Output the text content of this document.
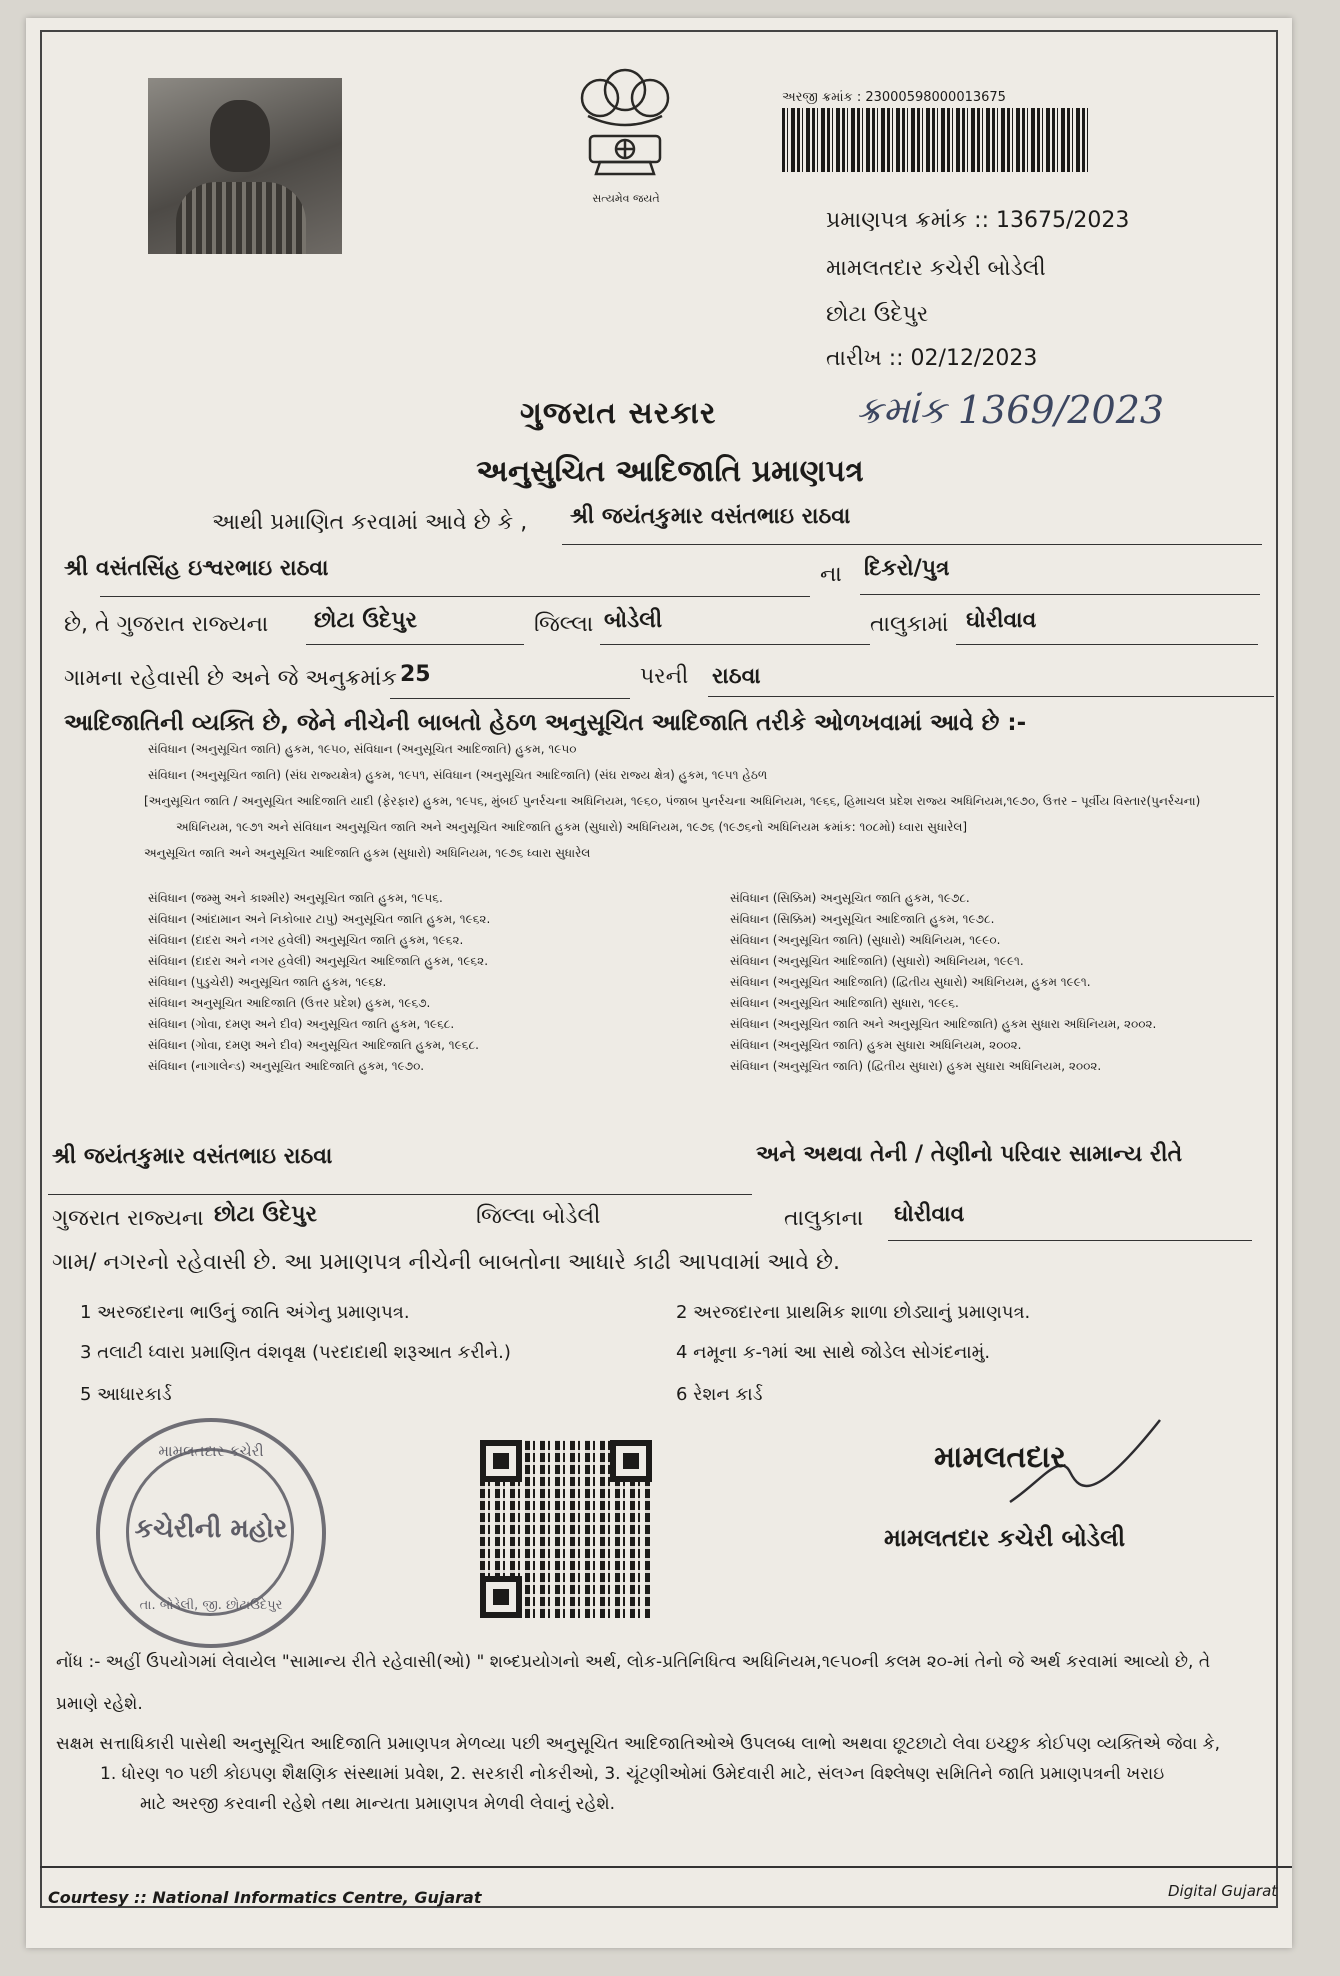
સત્યમેવ જયતે
અરજી ક્રમાંક : 23000598000013675
પ્રમાણપત્ર ક્રમાંક :: 13675/2023
મામલતદાર કચેરી બોડેલી
છોટા ઉદેપુર
તારીખ :: 02/12/2023
ગુજરાત સરકાર	ક્રમાંક 1369/2023
અનુસુચિત આદિજાતિ પ્રમાણપત્ર
આથી પ્રમાણિત કરવામાં આવે છે કે , શ્રી જયંતકુમાર વસંતભાઇ રાઠવા
શ્રી વસંતસિંહ ઇશ્વરભાઇ રાઠવા	ના દિકરો/પુત્ર
છે, તે ગુજરાત રાજ્યના છોટા ઉદેપુર	જિલ્લા બોડેલી	તાલુકામાં ઘોરીવાવ
ગામના રહેવાસી છે અને જે અનુક્રમાંક 25	પરની રાઠવા
આદિજાતિની વ્યક્તિ છે, જેને નીચેની બાબતો હેઠળ અનુસૂચિત આદિજાતિ તરીકે ઓળખવામાં આવે છે :-
સંવિધાન (અનુસૂચિત જાતિ) હુકમ, ૧૯૫૦, સંવિધાન (અનુસૂચિત આદિજાતિ) હુકમ, ૧૯૫૦
સંવિધાન (અનુસૂચિત જાતિ) (સંઘ રાજ્યક્ષેત્ર) હુકમ, ૧૯૫૧, સંવિધાન (અનુસૂચિત આદિજાતિ) (સંઘ રાજ્ય ક્ષેત્ર) હુકમ, ૧૯૫૧ હેઠળ
[અનુસૂચિત જાતિ / અનુસૂચિત આદિજાતિ યાદી (ફેરફાર) હુકમ, ૧૯૫૬, મુંબઈ પુનર્રચના અધિનિયમ, ૧૯૬૦, પંજાબ પુનર્રચના અધિનિયમ, ૧૯૬૬, હિમાચલ પ્રદેશ રાજ્ય અધિનિયમ,૧૯૭૦, ઉત્તર – પૂર્વીય વિસ્તાર(પુનર્રચના)
અધિનિયમ, ૧૯૭૧ અને સંવિધાન અનુસૂચિત જાતિ અને અનુસૂચિત આદિજાતિ હુકમ (સુધારો) અધિનિયમ, ૧૯૭૬ (૧૯૭૬નો અધિનિયમ ક્રમાંક: ૧૦૮મો) ધ્વારા સુધારેલ]
અનુસૂચિત જાતિ અને અનુસૂચિત આદિજાતિ હુકમ (સુધારો) અધિનિયમ, ૧૯૭૬ ધ્વારા સુધારેલ
સંવિધાન (જમ્મુ અને કાશ્મીર) અનુસૂચિત જાતિ હુકમ, ૧૯૫૬.
સંવિધાન (આંદામાન અને નિકોબાર ટાપુ) અનુસૂચિત જાતિ હુકમ, ૧૯૬૨.
સંવિધાન (દાદરા અને નગર હવેલી) અનુસૂચિત જાતિ હુકમ, ૧૯૬૨.
સંવિધાન (દાદરા અને નગર હવેલી) અનુસૂચિત આદિજાતિ હુકમ, ૧૯૬૨.
સંવિધાન (પુડુચેરી) અનુસૂચિત જાતિ હુકમ, ૧૯૬૪.
સંવિધાન અનુસૂચિત આદિજાતિ (ઉત્તર પ્રદેશ) હુકમ, ૧૯૬૭.
સંવિધાન (ગોવા, દમણ અને દીવ) અનુસૂચિત જાતિ હુકમ, ૧૯૬૮.
સંવિધાન (ગોવા, દમણ અને દીવ) અનુસૂચિત આદિજાતિ હુકમ, ૧૯૬૮.
સંવિધાન (નાગાલેન્ડ) અનુસૂચિત આદિજાતિ હુકમ, ૧૯૭૦.
સંવિધાન (સિક્કિમ) અનુસૂચિત જાતિ હુકમ, ૧૯૭૮.
સંવિધાન (સિક્કિમ) અનુસૂચિત આદિજાતિ હુકમ, ૧૯૭૮.
સંવિધાન (અનુસૂચિત જાતિ) (સુધારો) અધિનિયમ, ૧૯૯૦.
સંવિધાન (અનુસૂચિત આદિજાતિ) (સુધારો) અધિનિયમ, ૧૯૯૧.
સંવિધાન (અનુસૂચિત આદિજાતિ) (દ્વિતીય સુધારો) અધિનિયમ, હુકમ ૧૯૯૧.
સંવિધાન (અનુસૂચિત આદિજાતિ) સુધારા, ૧૯૯૬.
સંવિધાન (અનુસૂચિત જાતિ અને અનુસૂચિત આદિજાતિ) હુકમ સુધારા અધિનિયમ, ૨૦૦૨.
સંવિધાન (અનુસૂચિત જાતિ) હુકમ સુધારા અધિનિયમ, ૨૦૦૨.
સંવિધાન (અનુસૂચિત જાતિ) (દ્વિતીય સુધારા) હુકમ સુધારા અધિનિયમ, ૨૦૦૨.
શ્રી જયંતકુમાર વસંતભાઇ રાઠવા	અને અથવા તેની / તેણીનો પરિવાર સામાન્ય રીતે
ગુજરાત રાજ્યના છોટા ઉદેપુર	જિલ્લા બોડેલી	તાલુકાના ઘોરીવાવ
ગામ/ નગરનો રહેવાસી છે. આ પ્રમાણપત્ર નીચેની બાબતોના આધારે કાઢી આપવામાં આવે છે.
1 અરજદારના ભાઉનું જાતિ અંગેનુ પ્રમાણપત્ર.	2 અરજદારના પ્રાથમિક શાળા છોડ્યાનું પ્રમાણપત્ર.
3 તલાટી ધ્વારા પ્રમાણિત વંશવૃક્ષ (પરદાદાથી શરૂઆત કરીને.)	4 નમૂના ક-૧માં આ સાથે જોડેલ સોગંદનામું.
5 આધારકાર્ડ	6 રેશન કાર્ડ
મામલતદાર કચેરી
કચેરીની મહોર
તા. બોડેલી, જી. છોટાઉદેપુર
મામલતદાર
મામલતદાર કચેરી બોડેલી
નોંધ :- અહીં ઉપયોગમાં લેવાયેલ "સામાન્ય રીતે રહેવાસી(ઓ) " શબ્દપ્રયોગનો અર્થ, લોક-પ્રતિનિધિત્વ અધિનિયમ,૧૯૫૦ની કલમ ૨૦-માં તેનો જે અર્થ કરવામાં આવ્યો છે, તે
પ્રમાણે રહેશે.
સક્ષમ સત્તાધિકારી પાસેથી અનુસૂચિત આદિજાતિ પ્રમાણપત્ર મેળવ્યા પછી અનુસૂચિત આદિજાતિઓએ ઉપલબ્ધ લાભો અથવા છૂટછાટો લેવા ઇચ્છુક કોઈપણ વ્યક્તિએ જેવા કે,
1. ધોરણ ૧૦ પછી કોઇપણ શૈક્ષણિક સંસ્થામાં પ્રવેશ, 2. સરકારી નોકરીઓ, 3. ચૂંટણીઓમાં ઉમેદવારી માટે, સંલગ્ન વિશ્લેષણ સમિતિને જાતિ પ્રમાણપત્રની ખરાઇ
માટે અરજી કરવાની રહેશે તથા માન્યતા પ્રમાણપત્ર મેળવી લેવાનું રહેશે.
Courtesy :: National Informatics Centre, Gujarat	Digital Gujarat
